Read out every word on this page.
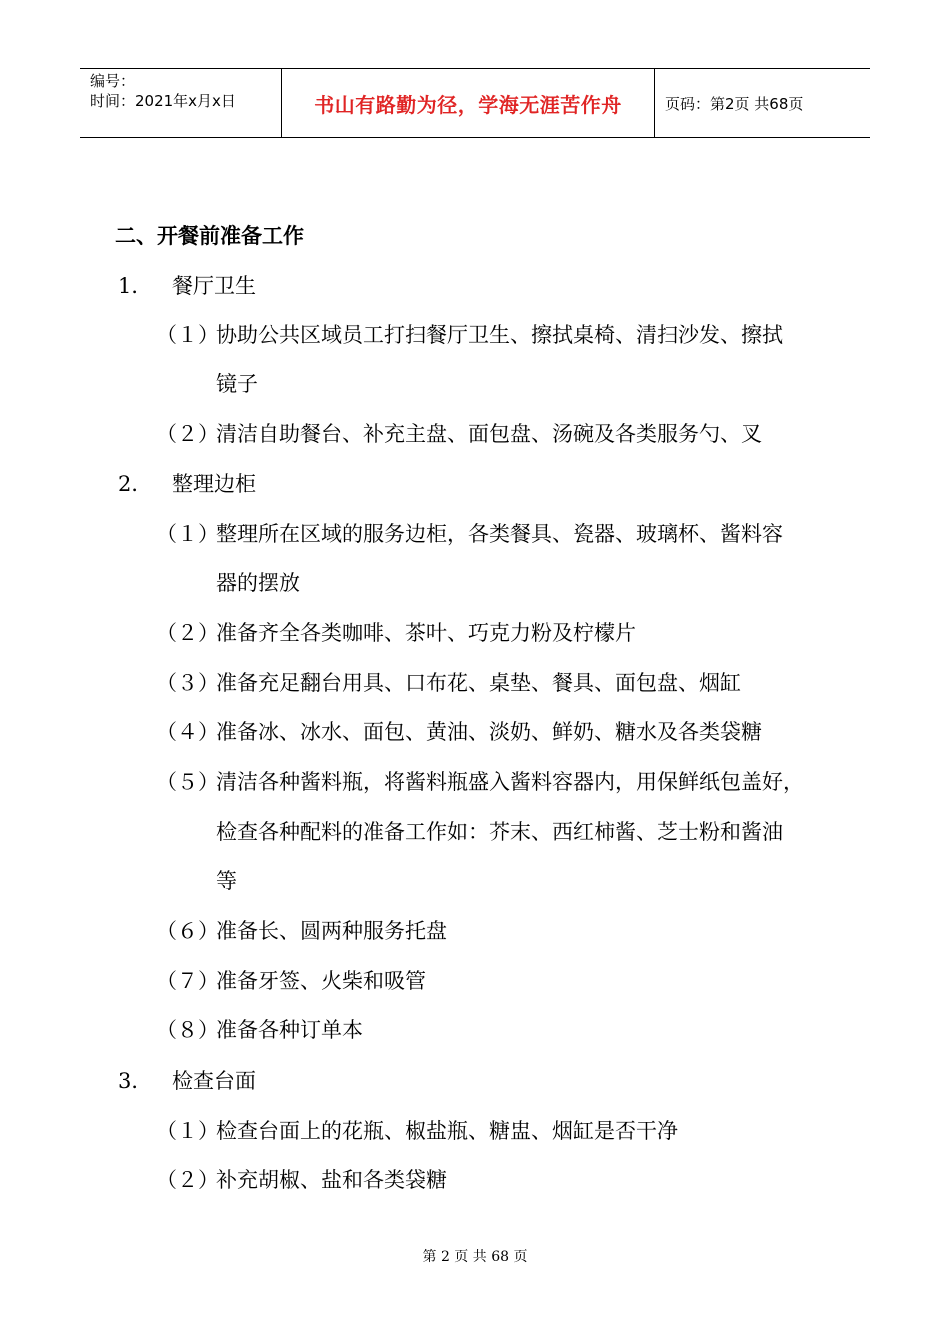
编号：
时间：2021年x月x日	书山有路勤为径，学海无涯苦作舟	页码：第2页 共68页
二、开餐前准备工作
1． 餐厅卫生
（１）
协助公共区域员工打扫餐厅卫生、擦拭桌椅、清扫沙发、擦拭
镜子
（２）
清洁自助餐台、补充主盘、面包盘、汤碗及各类服务勺、叉
2． 整理边柜
（１）
整理所在区域的服务边柜，各类餐具、瓷器、玻璃杯、酱料容
器的摆放
（２）
准备齐全各类咖啡、茶叶、巧克力粉及柠檬片
（３）
准备充足翻台用具、口布花、桌垫、餐具、面包盘、烟缸
（４）
准备冰、冰水、面包、黄油、淡奶、鲜奶、糖水及各类袋糖
（５）
清洁各种酱料瓶，将酱料瓶盛入酱料容器内，用保鲜纸包盖好，
检查各种配料的准备工作如：芥末、西红柿酱、芝士粉和酱油
等
（６）
准备长、圆两种服务托盘
（７）
准备牙签、火柴和吸管
（８）
准备各种订单本
3． 检查台面
（１）
检查台面上的花瓶、椒盐瓶、糖盅、烟缸是否干净
（２）
补充胡椒、盐和各类袋糖
第 2 页 共 68 页
